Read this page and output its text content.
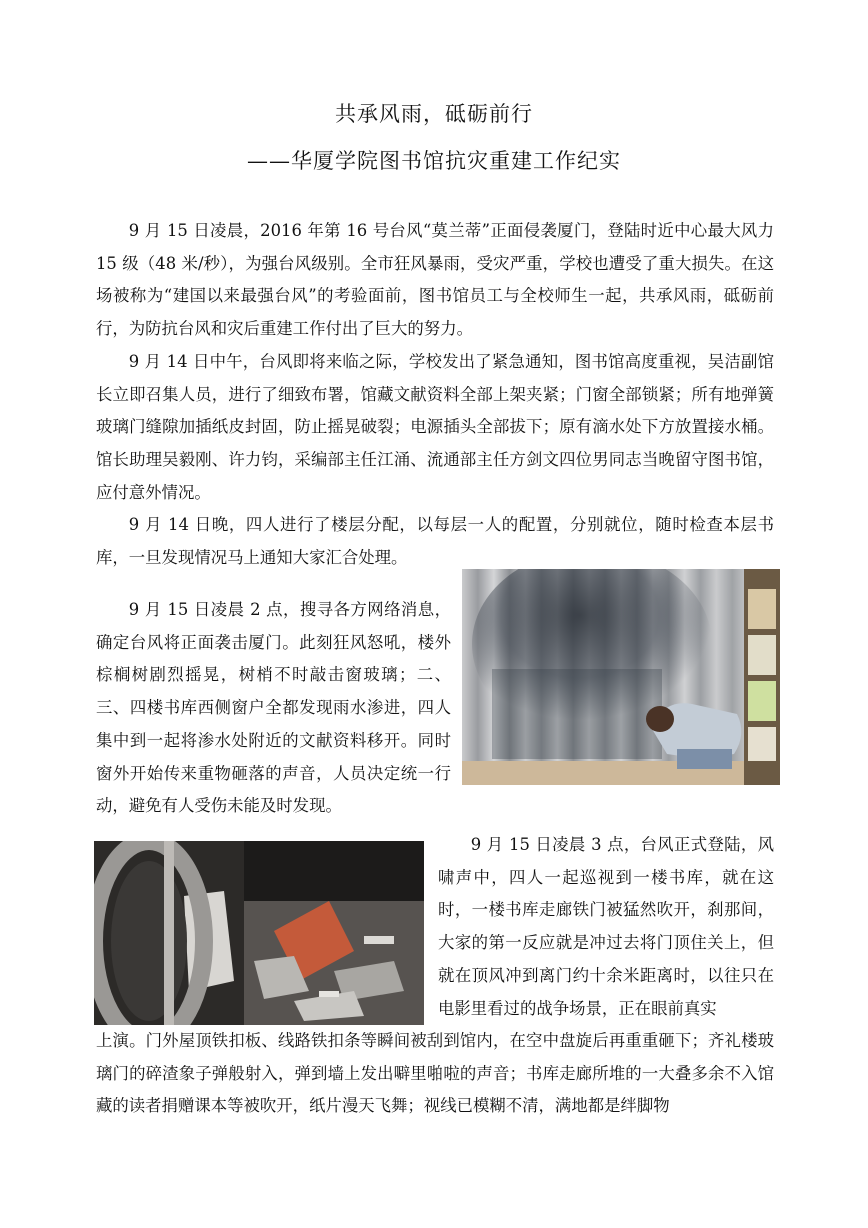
共承风雨，砥砺前行
——华厦学院图书馆抗灾重建工作纪实

9 月 15 日凌晨，2016 年第 16 号台风“莫兰蒂”正面侵袭厦门，登陆时近中心最大风力 15 级（48 米/秒），为强台风级别。全市狂风暴雨，受灾严重，学校也遭受了重大损失。在这场被称为“建国以来最强台风”的考验面前，图书馆员工与全校师生一起，共承风雨，砥砺前行，为防抗台风和灾后重建工作付出了巨大的努力。

9 月 14 日中午，台风即将来临之际，学校发出了紧急通知，图书馆高度重视，吴洁副馆长立即召集人员，进行了细致布署，馆藏文献资料全部上架夹紧；门窗全部锁紧；所有地弹簧玻璃门缝隙加插纸皮封固，防止摇晃破裂；电源插头全部拔下；原有滴水处下方放置接水桶。馆长助理吴毅刚、许力钧，采编部主任江涌、流通部主任方剑文四位男同志当晚留守图书馆，应付意外情况。

9 月 14 日晚，四人进行了楼层分配，以每层一人的配置，分别就位，随时检查本层书库，一旦发现情况马上通知大家汇合处理。

9 月 15 日凌晨 2 点，搜寻各方网络消息，确定台风将正面袭击厦门。此刻狂风怒吼，楼外棕榈树剧烈摇晃，树梢不时敲击窗玻璃；二、三、四楼书库西侧窗户全都发现雨水渗进，四人集中到一起将渗水处附近的文献资料移开。同时窗外开始传来重物砸落的声音，人员决定统一行动，避免有人受伤未能及时发现。

9 月 15 日凌晨 3 点，台风正式登陆，风啸声中，四人一起巡视到一楼书库，就在这时，一楼书库走廊铁门被猛然吹开，刹那间，大家的第一反应就是冲过去将门顶住关上，但就在顶风冲到离门约十余米距离时，以往只在电影里看过的战争场景，正在眼前真实

上演。门外屋顶铁扣板、线路铁扣条等瞬间被刮到馆内，在空中盘旋后再重重砸下；齐礼楼玻璃门的碎渣象子弹般射入，弹到墙上发出噼里啪啦的声音；书库走廊所堆的一大叠多余不入馆藏的读者捐赠课本等被吹开，纸片漫天飞舞；视线已模糊不清，满地都是绊脚物
